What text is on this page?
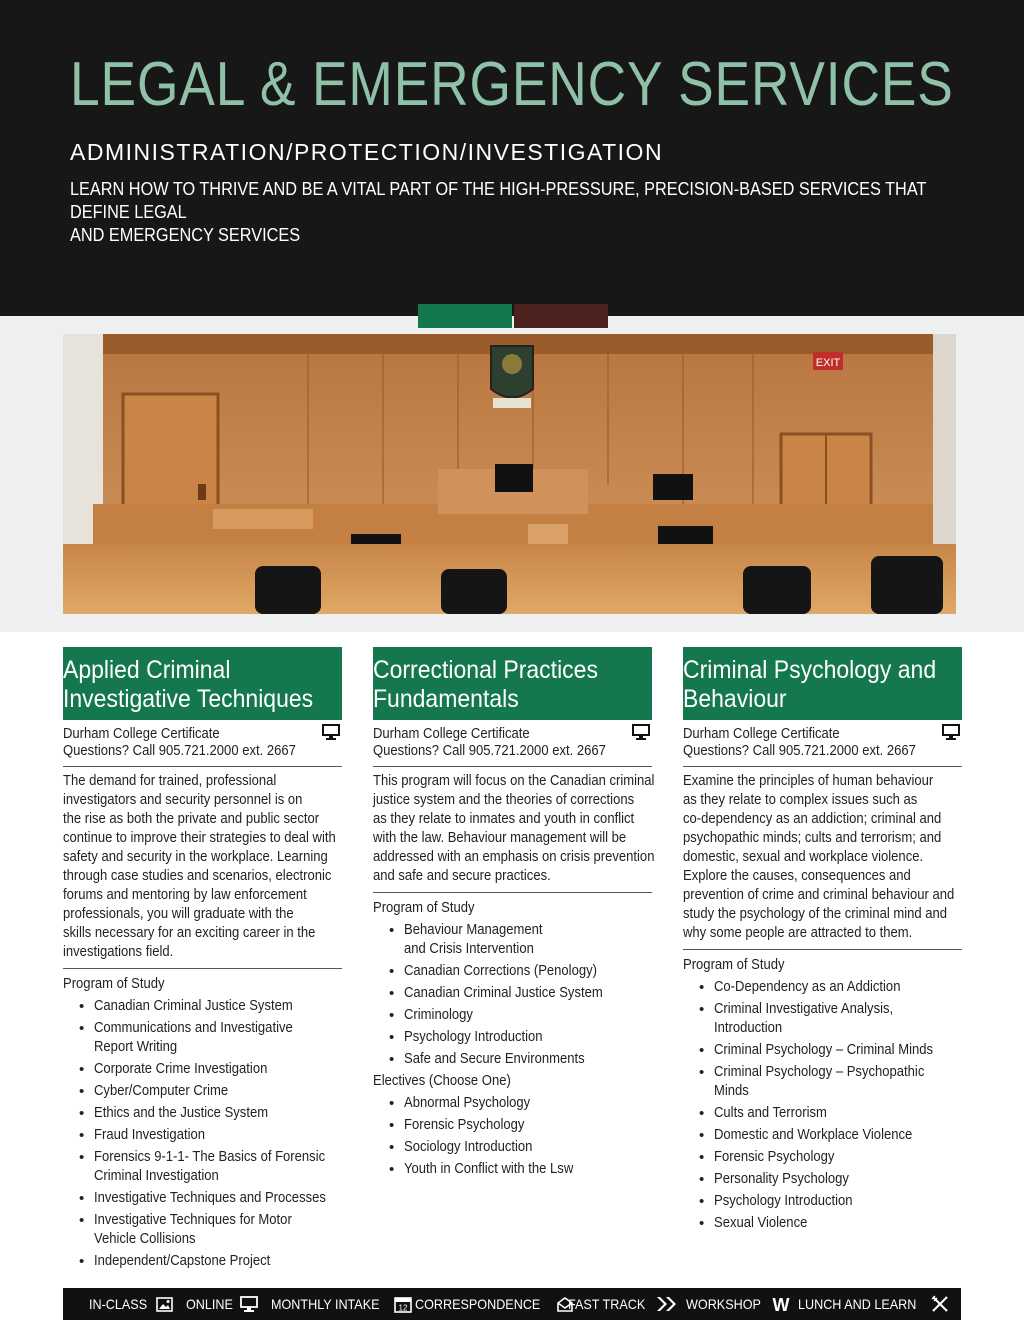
LEGAL & EMERGENCY SERVICES
ADMINISTRATION/PROTECTION/INVESTIGATION
LEARN HOW TO THRIVE AND BE A VITAL PART OF THE HIGH-PRESSURE, PRECISION-BASED SERVICES THAT DEFINE LEGAL
AND EMERGENCY SERVICES
EXIT
Applied Criminal
Investigative Techniques
Durham College Certificate
Questions? Call 905.721.2000 ext. 2667
The demand for trained, professional
investigators and security personnel is on
the rise as both the private and public sector
continue to improve their strategies to deal with
safety and security in the workplace. Learning
through case studies and scenarios, electronic
forums and mentoring by law enforcement
professionals, you will graduate with the
skills necessary for an exciting career in the
investigations field.
Program of Study
• Canadian Criminal Justice System
• Communications and Investigative
Report Writing
• Corporate Crime Investigation
• Cyber/Computer Crime
• Ethics and the Justice System
• Fraud Investigation
• Forensics 9-1-1- The Basics of Forensic
Criminal Investigation
• Investigative Techniques and Processes
• Investigative Techniques for Motor
Vehicle Collisions
• Independent/Capstone Project
Correctional Practices
Fundamentals
Durham College Certificate
Questions? Call 905.721.2000 ext. 2667
This program will focus on the Canadian criminal
justice system and the theories of corrections
as they relate to inmates and youth in conflict
with the law. Behaviour management will be
addressed with an emphasis on crisis prevention
and safe and secure practices.
Program of Study
• Behaviour Management
and Crisis Intervention
• Canadian Corrections (Penology)
• Canadian Criminal Justice System
• Criminology
• Psychology Introduction
• Safe and Secure Environments
Electives (Choose One)
• Abnormal Psychology
• Forensic Psychology
• Sociology Introduction
• Youth in Conflict with the Lsw
Criminal Psychology and
Behaviour
Durham College Certificate
Questions? Call 905.721.2000 ext. 2667
Examine the principles of human behaviour
as they relate to complex issues such as
co-dependency as an addiction; criminal and
psychopathic minds; cults and terrorism; and
domestic, sexual and workplace violence.
Explore the causes, consequences and
prevention of crime and criminal behaviour and
study the psychology of the criminal mind and
why some people are attracted to them.
Program of Study
• Co-Dependency as an Addiction
• Criminal Investigative Analysis,
Introduction
• Criminal Psychology – Criminal Minds
• Criminal Psychology – Psychopathic
Minds
• Cults and Terrorism
• Domestic and Workplace Violence
• Forensic Psychology
• Personality Psychology
• Psychology Introduction
• Sexual Violence
IN-CLASS	ONLINE	MONTHLY INTAKE 12 CORRESPONDENCE FAST TRACK	WORKSHOP W LUNCH AND LEARN
